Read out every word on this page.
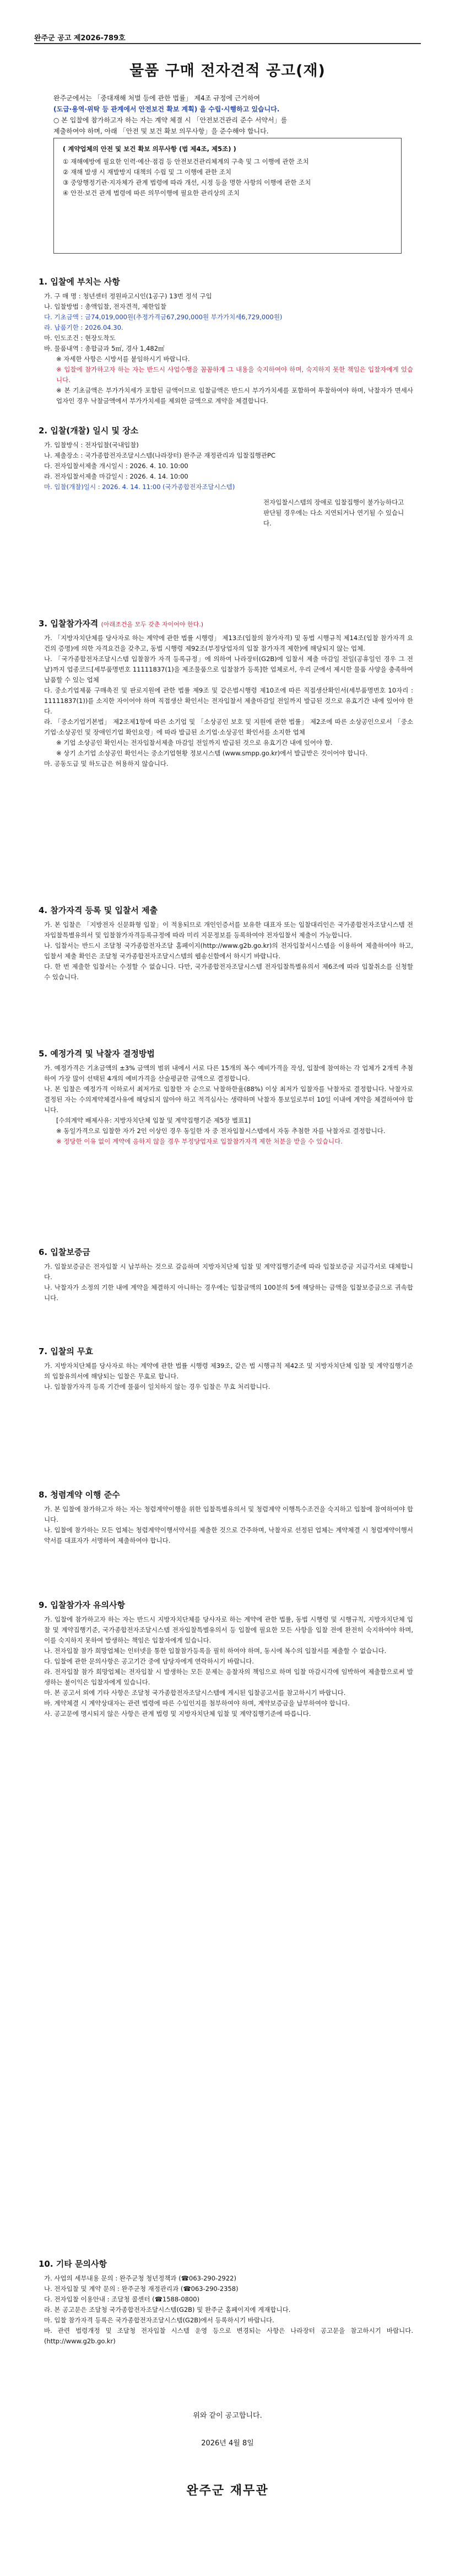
완주군 공고 제2026-789호
물품 구매 전자견적 공고(재)
완주군에서는 「중대재해 처벌 등에 관한 법률」 제4조 규정에 근거하여
(도급·용역·위탁 등 관계에서 안전보건 확보 계획) 을 수립·시행하고 있습니다.
○ 본 입찰에 참가하고자 하는 자는 계약 체결 시 「안전보건관리 준수 서약서」를
제출하여야 하며, 아래 「안전 및 보건 확보 의무사항」을 준수해야 합니다.
( 계약업체의 안전 및 보건 확보 의무사항 (법 제4조, 제5조) )
① 재해예방에 필요한 인력·예산·점검 등 안전보건관리체계의 구축 및 그 이행에 관한 조치
② 재해 발생 시 재발방지 대책의 수립 및 그 이행에 관한 조치
③ 중앙행정기관·지자체가 관계 법령에 따라 개선, 시정 등을 명한 사항의 이행에 관한 조치
④ 안전·보건 관계 법령에 따른 의무이행에 필요한 관리상의 조치
1. 입찰에 부치는 사항
가. 구 매 명 : 청년센터 정원파고시인(1공구) 13번 정석 구입
나. 입찰방법 : 총액입찰, 전자견적, 제한입찰
다. 기초금액 : 금74,019,000원(추정가격금67,290,000원 부가가치세6,729,000원)
라. 납품기한 : 2026.04.30.
마. 인도조건 : 현장도착도
바. 물품내역 : 총합금과 5㎡, 경사 1,482㎡
※ 자세한 사항은 시방서를 붙임하시기 바랍니다.
※ 입찰에 참가하고자 하는 자는 반드시 사업수행을 꼼꼼하게 그 내용을 숙지하여야 하며, 숙지하지 못한 책임은 입찰자에게 있습니다.
※ 본 기초금액은 부가가치세가 포함된 금액이므로 입찰금액은 반드시 부가가치세를 포함하여 투찰하여야 하며, 낙찰자가 면세사업자인 경우 낙찰금액에서 부가가치세를 제외한 금액으로 계약을 체결합니다.
2. 입찰(개찰) 일시 및 장소
가. 입찰방식 : 전자입찰(국내입찰)
나. 제출장소 : 국가종합전자조달시스템(나라장터) 완주군 재정관리과 입찰집행관PC
다. 전자입찰서제출 개시일시 : 2026. 4. 10. 10:00
라. 전자입찰서제출 마감일시 : 2026. 4. 14. 10:00
마. 입찰(개찰)일시 : 2026. 4. 14. 11:00 (국가종합전자조달시스템)
전자입찰시스템의 장애로 입찰집행이 불가능하다고 판단될 경우에는 다소 지연되거나 연기될 수 있습니다.
3. 입찰참가자격 (아래조건을 모두 갖춘 자이어야 한다.)
가. 「지방자치단체를 당사자로 하는 계약에 관한 법률 시행령」 제13조(입찰의 참가자격) 및 동법 시행규칙 제14조(입찰 참가자격 요건의 증명)에 의한 자격요건을 갖추고, 동법 시행령 제92조(부정당업자의 입찰 참가자격 제한)에 해당되지 않는 업체.
나. 「국가종합전자조달시스템 입찰참가 자격 등록규정」에 의하여 나라장터(G2B)에 입찰서 제출 마감일 전일(공휴일인 경우 그 전날)까지 업종코드[세부품명번호 11111837(1)을 제조물품으로 입찰참가 등록]한 업체로서, 우리 군에서 제시한 물품 사양을 충족하여 납품할 수 있는 업체
다. 중소기업제품 구매촉진 및 판로지원에 관한 법률 제9조 및 같은법시행령 제10조에 따른 직접생산확인서(세부품명번호 10자리 : 11111837(1))를 소지한 자이어야 하며 직접생산 확인서는 전자입찰서 제출마감일 전일까지 발급된 것으로 유효기간 내에 있어야 한다.
라. 「중소기업기본법」 제2조제1항에 따른 소기업 및 「소상공인 보호 및 지원에 관한 법률」 제2조에 따른 소상공인으로서 「중소기업·소상공인 및 장애인기업 확인요령」에 따라 발급된 소기업·소상공인 확인서를 소지한 업체
※ 기업 소상공인 확인서는 전자입찰서제출 마감일 전일까지 발급된 것으로 유효기간 내에 있어야 함.
※ 상기 소기업 소상공인 확인서는 중소기업현황 정보시스템 (www.smpp.go.kr)에서 발급받은 것이어야 합니다.
마. 공동도급 및 하도급은 허용하지 않습니다.
4. 참가자격 등록 및 입찰서 제출
가. 본 입찰은 「지방전자 신문화형 입찰」이 적용되므로 개인인증서를 보유한 대표자 또는 입찰대리인은 국가종합전자조달시스템 전자입찰특별유의서 및 입찰참가자격등록규정에 따라 미리 지문정보를 등록하여야 전자입찰서 제출이 가능합니다.
나. 입찰서는 반드시 조달청 국가종합전자조달 홈페이지(http://www.g2b.go.kr)의 전자입찰서시스템을 이용하여 제출하여야 하고, 입찰서 제출 확인은 조달청 국가종합전자조달시스템의 웹송신함에서 하시기 바랍니다.
다. 한 번 제출한 입찰서는 수정할 수 없습니다. 다만, 국가종합전자조달시스템 전자입찰특별유의서 제6조에 따라 입찰취소를 신청할 수 있습니다.
5. 예정가격 및 낙찰자 결정방법
가. 예정가격은 기초금액의 ±3% 금액의 범위 내에서 서로 다른 15개의 복수 예비가격을 작성, 입찰에 참여하는 각 업체가 2개씩 추첨하여 가장 많이 선택된 4개의 예비가격을 산술평균한 금액으로 결정합니다.
나. 본 입찰은 예정가격 이하로서 최저가로 입찰한 자 순으로 낙찰하한율(88%) 이상 최저가 입찰자를 낙찰자로 결정합니다. 낙찰자로 결정된 자는 수의계약체결사유에 해당되지 않아야 하고 적격심사는 생략하며 낙찰자 통보일로부터 10일 이내에 계약을 체결하여야 합니다.
[수의계약 배제사유: 지방자치단체 입찰 및 계약집행기준 제5장 별표1]
※ 동일가격으로 입찰한 자가 2인 이상인 경우 동일한 자 중 전자입찰시스템에서 자동 추첨한 자를 낙찰자로 결정합니다.
※ 정당한 이유 없이 계약에 응하지 않을 경우 부정당업자로 입찰참가자격 제한 처분을 받을 수 있습니다.
6. 입찰보증금
가. 입찰보증금은 전자입찰 시 납부하는 것으로 갈음하며 지방자치단체 입찰 및 계약집행기준에 따라 입찰보증금 지급각서로 대체합니다.
나. 낙찰자가 소정의 기한 내에 계약을 체결하지 아니하는 경우에는 입찰금액의 100분의 5에 해당하는 금액을 입찰보증금으로 귀속합니다.
7. 입찰의 무효
가. 지방자치단체를 당사자로 하는 계약에 관한 법률 시행령 제39조, 같은 법 시행규칙 제42조 및 지방자치단체 입찰 및 계약집행기준의 입찰유의서에 해당되는 입찰은 무효로 합니다.
나. 입찰참가자격 등록 기간에 물품이 일치하지 않는 경우 입찰은 무효 처리합니다.
8. 청렴계약 이행 준수
가. 본 입찰에 참가하고자 하는 자는 청렴계약이행을 위한 입찰특별유의서 및 청렴계약 이행특수조건을 숙지하고 입찰에 참여하여야 합니다.
나. 입찰에 참가하는 모든 업체는 청렴계약이행서약서를 제출한 것으로 간주하며, 낙찰자로 선정된 업체는 계약체결 시 청렴계약이행서약서를 대표자가 서명하여 제출하여야 합니다.
9. 입찰참가자 유의사항
가. 입찰에 참가하고자 하는 자는 반드시 지방자치단체를 당사자로 하는 계약에 관한 법률, 동법 시행령 및 시행규칙, 지방자치단체 입찰 및 계약집행기준, 국가종합전자조달시스템 전자입찰특별유의서 등 입찰에 필요한 모든 사항을 입찰 전에 완전히 숙지하여야 하며, 이를 숙지하지 못하여 발생하는 책임은 입찰자에게 있습니다.
나. 전자입찰 참가 희망업체는 인터넷을 통한 입찰참가등록을 필히 하여야 하며, 동시에 복수의 입찰서를 제출할 수 없습니다.
다. 입찰에 관한 문의사항은 공고기간 중에 담당자에게 연락하시기 바랍니다.
라. 전자입찰 참가 희망업체는 전자입찰 시 발생하는 모든 문제는 응찰자의 책임으로 하며 입찰 마감시각에 임박하여 제출함으로써 발생하는 불이익은 입찰자에게 있습니다.
마. 본 공고서 외에 기타 사항은 조달청 국가종합전자조달시스템에 게시된 입찰공고서를 참고하시기 바랍니다.
바. 계약체결 시 계약상대자는 관련 법령에 따른 수입인지를 첨부하여야 하며, 계약보증금을 납부하여야 합니다.
사. 공고문에 명시되지 않은 사항은 관계 법령 및 지방자치단체 입찰 및 계약집행기준에 따릅니다.
10. 기타 문의사항
가. 사업의 세부내용 문의 : 완주군청 청년정책과 (☎063-290-2922)
나. 전자입찰 및 계약 문의 : 완주군청 재정관리과 (☎063-290-2358)
다. 전자입찰 이용안내 : 조달청 콜센터 (☎1588-0800)
라. 본 공고문은 조달청 국가종합전자조달시스템(G2B) 및 완주군 홈페이지에 게재합니다.
마. 입찰 참가자격 등록은 국가종합전자조달시스템(G2B)에서 등록하시기 바랍니다.
바. 관련 법령개정 및 조달청 전자입찰 시스템 운영 등으로 변경되는 사항은 나라장터 공고문을 참고하시기 바랍니다. (http://www.g2b.go.kr)
위와 같이 공고합니다.
2026년 4월 8일
완주군 재무관
